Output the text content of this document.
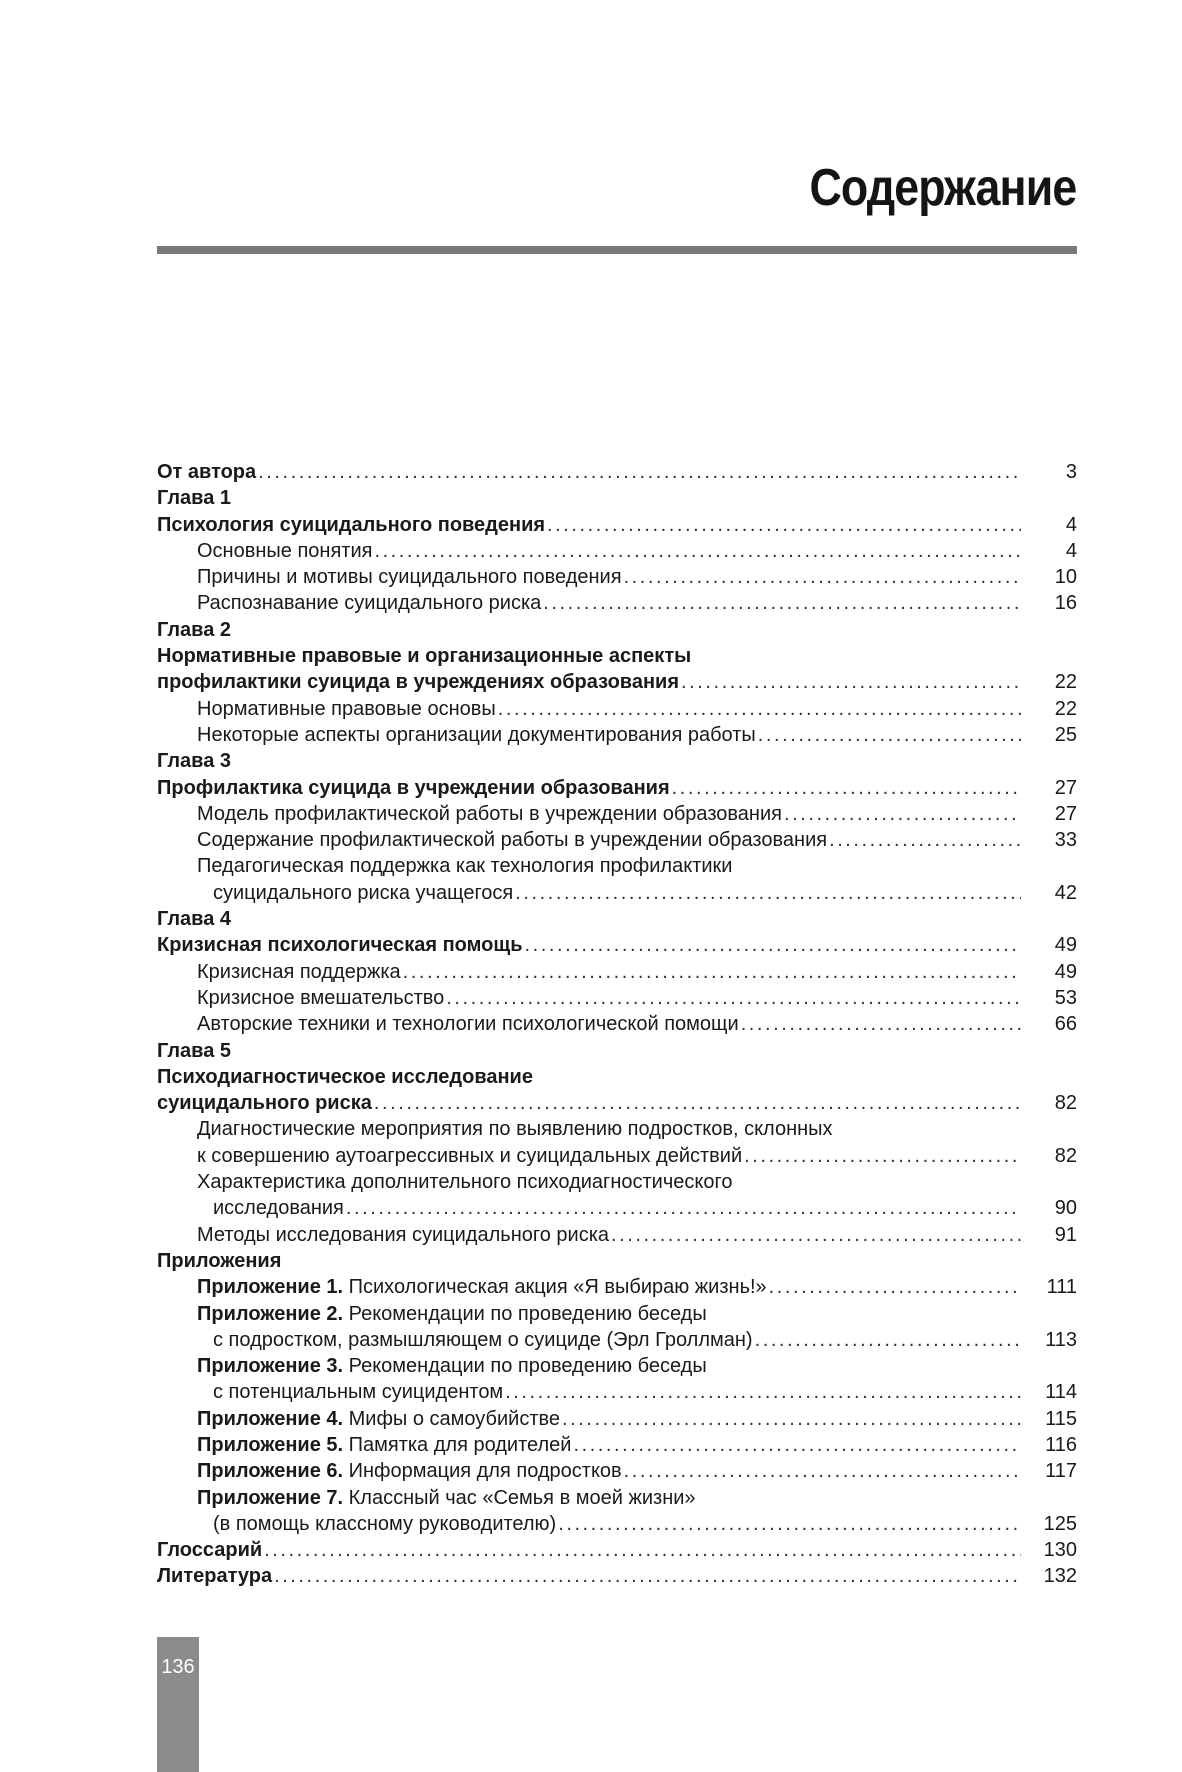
Содержание
От автора . . .	3
Глава 1
Психология суицидального поведения . . .	4
Основные понятия . . .	4
Причины и мотивы суицидального поведения . . .	10
Распознавание суицидального риска . . .	16
Глава 2
Нормативные правовые и организационные аспекты
профилактики суицида в учреждениях образования . . .	22
Нормативные правовые основы . . .	22
Некоторые аспекты организации документирования работы . . .	25
Глава 3
Профилактика суицида в учреждении образования . . .	27
Модель профилактической работы в учреждении образования . . .	27
Содержание профилактической работы в учреждении образования . . .	33
Педагогическая поддержка как технология профилактики
суицидального риска учащегося . . .	42
Глава 4
Кризисная психологическая помощь . . .	49
Кризисная поддержка . . .	49
Кризисное вмешательство . . .	53
Авторские техники и технологии психологической помощи . . .	66
Глава 5
Психодиагностическое исследование
суицидального риска . . .	82
Диагностические мероприятия по выявлению подростков, склонных
к совершению аутоагрессивных и суицидальных действий . . .	82
Характеристика дополнительного психодиагностического
исследования . . .	90
Методы исследования суицидального риска . . .	91
Приложения
Приложение 1. Психологическая акция «Я выбираю жизнь!» . . .	111
Приложение 2. Рекомендации по проведению беседы
с подростком, размышляющем о суициде (Эрл Гроллман) . . .	113
Приложение 3. Рекомендации по проведению беседы
с потенциальным суицидентом . . .	114
Приложение 4. Мифы о самоубийстве . . .	115
Приложение 5. Памятка для родителей . . .	116
Приложение 6. Информация для подростков . . .	117
Приложение 7. Классный час «Семья в моей жизни»
(в помощь классному руководителю) . . .	125
Глоссарий . . .	130
Литература . . .	132
136
